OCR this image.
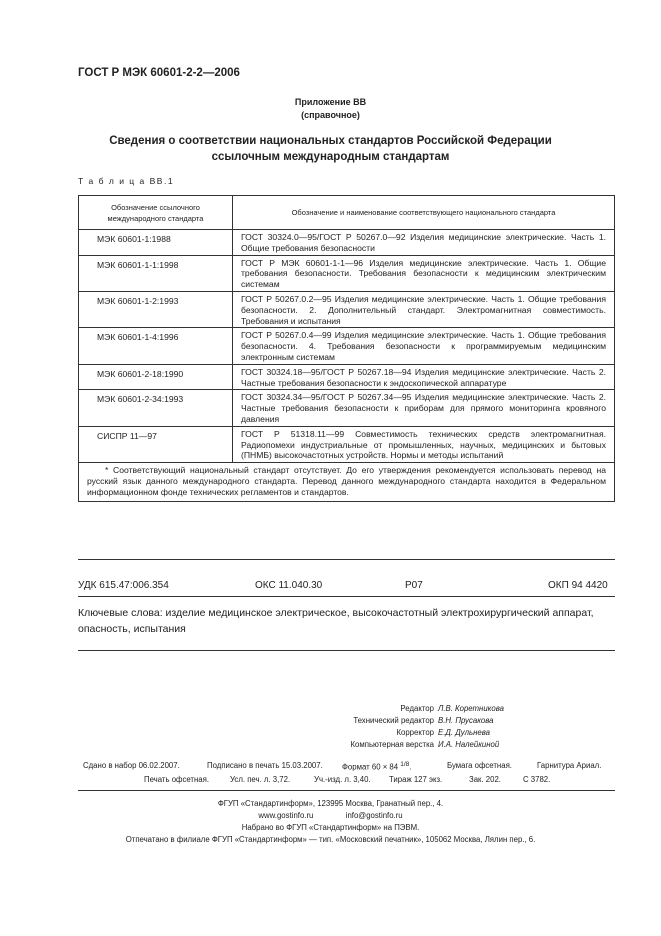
ГОСТ Р МЭК 60601-2-2—2006
Приложение ВВ
(справочное)
Сведения о соответствии национальных стандартов Российской Федерации
ссылочным международным стандартам
Т а б л и ц а ВВ.1
Обозначение ссылочного международного стандарта	Обозначение и наименование соответствующего национального стандарта
МЭК 60601-1:1988	ГОСТ 30324.0—95/ГОСТ Р 50267.0—92 Изделия медицинские электрические. Часть 1. Общие требования безопасности
МЭК 60601-1-1:1998	ГОСТ Р МЭК 60601-1-1—96 Изделия медицинские электрические. Часть 1. Общие требования безопасности. Требования безопасности к медицинским электрическим системам
МЭК 60601-1-2:1993	ГОСТ Р 50267.0.2—95 Изделия медицинские электрические. Часть 1. Общие требования безопасности. 2. Дополнительный стандарт. Электромагнитная совместимость. Требования и испытания
МЭК 60601-1-4:1996	ГОСТ Р 50267.0.4—99 Изделия медицинские электрические. Часть 1. Общие требования безопасности. 4. Требования безопасности к программируемым медицинским электронным системам
МЭК 60601-2-18:1990	ГОСТ 30324.18—95/ГОСТ Р 50267.18—94 Изделия медицинские электрические. Часть 2. Частные требования безопасности к эндоскопической аппаратуре
МЭК 60601-2-34:1993	ГОСТ 30324.34—95/ГОСТ Р 50267.34—95 Изделия медицинские электрические. Часть 2. Частные требования безопасности к приборам для прямого мониторинга кровяного давления
СИСПР 11—97	ГОСТ Р 51318.11—99 Совместимость технических средств электромагнитная. Радиопомехи индустриальные от промышленных, научных, медицинских и бытовых (ПНМБ) высокочастотных устройств. Нормы и методы испытаний
* Соответствующий национальный стандарт отсутствует. До его утверждения рекомендуется использовать перевод на русский язык данного международного стандарта. Перевод данного международного стандарта находится в Федеральном информационном фонде технических регламентов и стандартов.	
УДК 615.47:006.354	ОКС 11.040.30	Р07	ОКП 94 4420
Ключевые слова: изделие медицинское электрическое, высокочастотный электрохирургический аппарат, опасность, испытания
Редактор Л.В. Коретникова
Технический редактор В.Н. Прусакова
Корректор Е.Д. Дульнева
Компьютерная верстка И.А. Налейкиной
Сдано в набор 06.02.2007.	Подписано в печать 15.03.2007. Формат 60 × 84 $^{1/8}$.	Бумага офсетная.	Гарнитура Ариал.
Печать офсетная.	Усл. печ. л. 3,72.	Уч.-изд. л. 3,40. Тираж 127 экз.	Зак. 202.	С 3782.
ФГУП «Стандартинформ», 123995 Москва, Гранатный пер., 4.
www.gostinfo.ru	info@gostinfo.ru
Набрано во ФГУП «Стандартинформ» на ПЭВМ.
Отпечатано в филиале ФГУП «Стандартинформ» — тип. «Московский печатник», 105062 Москва, Лялин пер., 6.
